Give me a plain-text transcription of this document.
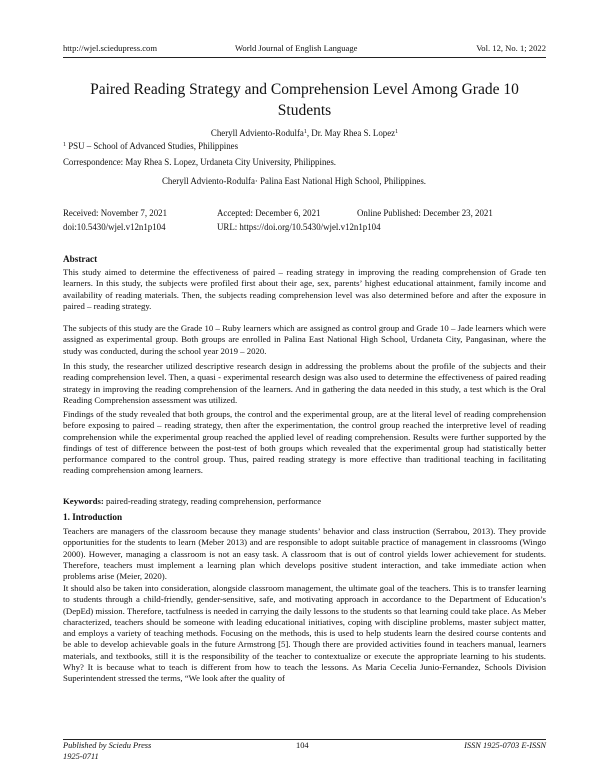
http://wjel.sciedupress.com	World Journal of English Language	Vol. 12, No. 1; 2022
Paired Reading Strategy and Comprehension Level Among Grade 10 Students
Cheryll Adviento-Rodulfa$^1$, Dr. May Rhea S. Lopez$^1$
$^1$ PSU – School of Advanced Studies, Philippines
Correspondence: May Rhea S. Lopez, Urdaneta City University, Philippines.
Cheryll Adviento-Rodulfa· Palina East National High School, Philippines.
Received: November 7, 2021	Accepted: December 6, 2021	Online Published: December 23, 2021
doi:10.5430/wjel.v12n1p104	URL: https://doi.org/10.5430/wjel.v12n1p104
Abstract
This study aimed to determine the effectiveness of paired – reading strategy in improving the reading comprehension of Grade ten learners. In this study, the subjects were profiled first about their age, sex, parents’ highest educational attainment, family income and availability of reading materials. Then, the subjects reading comprehension level was also determined before and after the exposure in paired – reading strategy.
The subjects of this study are the Grade 10 – Ruby learners which are assigned as control group and Grade 10 – Jade learners which were assigned as experimental group. Both groups are enrolled in Palina East National High School, Urdaneta City, Pangasinan, where the study was conducted, during the school year 2019 – 2020.
In this study, the researcher utilized descriptive research design in addressing the problems about the profile of the subjects and their reading comprehension level. Then, a quasi - experimental research design was also used to determine the effectiveness of paired reading strategy in improving the reading comprehension of the learners. And in gathering the data needed in this study, a test which is the Oral Reading Comprehension assessment was utilized.
Findings of the study revealed that both groups, the control and the experimental group, are at the literal level of reading comprehension before exposing to paired – reading strategy, then after the experimentation, the control group reached the interpretive level of reading comprehension while the experimental group reached the applied level of reading comprehension. Results were further supported by the findings of test of difference between the post-test of both groups which revealed that the experimental group had statistically better performance compared to the control group. Thus, paired reading strategy is more effective than traditional teaching in facilitating reading comprehension among learners.
Keywords: paired-reading strategy, reading comprehension, performance
1. Introduction
Teachers are managers of the classroom because they manage students’ behavior and class instruction (Serrabou, 2013). They provide opportunities for the students to learn (Meber 2013) and are responsible to adopt suitable practice of management in classrooms (Wingo 2000). However, managing a classroom is not an easy task. A classroom that is out of control yields lower achievement for students. Therefore, teachers must implement a learning plan which develops positive student interaction, and take immediate action when problems arise (Meier, 2020).
It should also be taken into consideration, alongside classroom management, the ultimate goal of the teachers. This is to transfer learning to students through a child-friendly, gender-sensitive, safe, and motivating approach in accordance to the Department of Education’s (DepEd) mission. Therefore, tactfulness is needed in carrying the daily lessons to the students so that learning could take place. As Meber characterized, teachers should be someone with leading educational initiatives, coping with discipline problems, master subject matter, and employs a variety of teaching methods. Focusing on the methods, this is used to help students learn the desired course contents and be able to develop achievable goals in the future Armstrong [5]. Though there are provided activities found in teachers manual, learners materials, and textbooks, still it is the responsibility of the teacher to contextualize or execute the appropriate learning to his students. Why? It is because what to teach is different from how to teach the lessons. As Maria Cecelia Junio-Fernandez, Schools Division Superintendent stressed the terms, “We look after the quality of
Published by Sciedu Press	104	ISSN 1925-0703 E-ISSN
1925-0711
